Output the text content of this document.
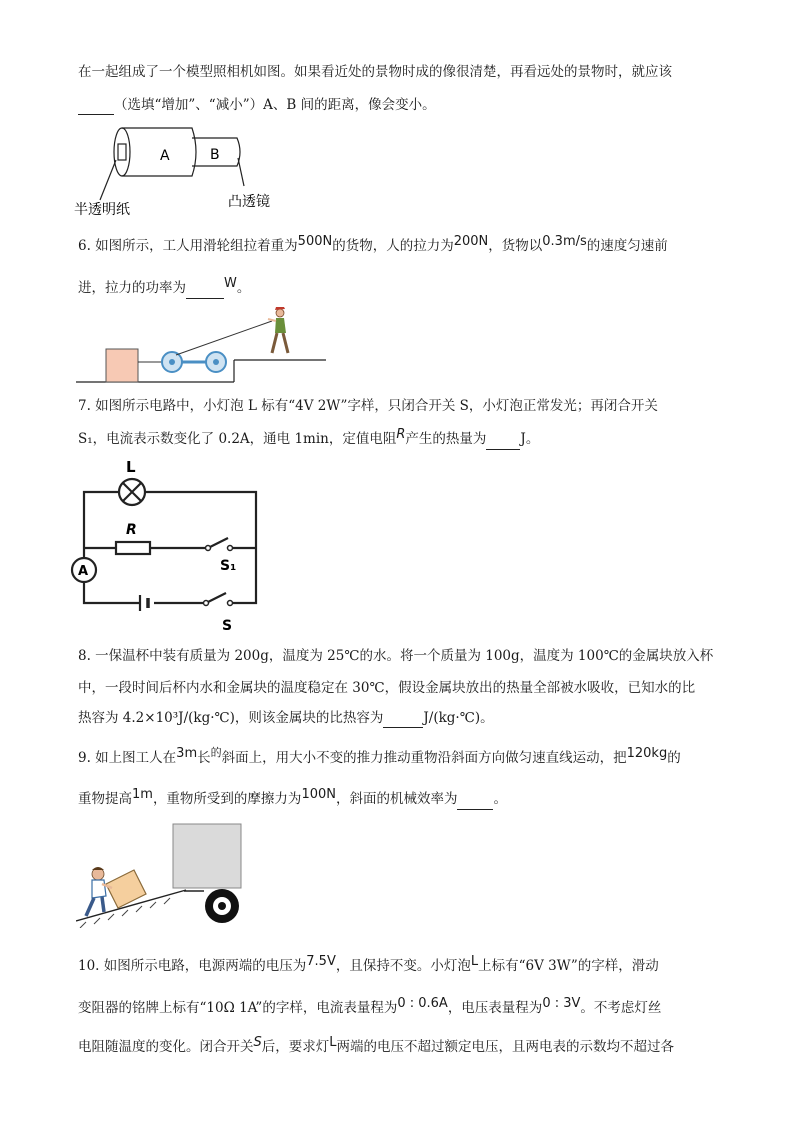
在一起组成了一个模型照相机如图。如果看近处的景物时成的像很清楚，再看远处的景物时，就应该
（选填“增加”、“减小”）A、B 间的距离，像会变小。
A	B
半透明纸	凸透镜
6. 如图所示，工人用滑轮组拉着重为500N的货物，人的拉力为200N，货物以0.3m/s的速度匀速前
进，拉力的功率为	W。
7. 如图所示电路中，小灯泡 L 标有“4V 2W”字样，只闭合开关 S，小灯泡正常发光；再闭合开关
S₁，电流表示数变化了 0.2A，通电 1min，定值电阻R产生的热量为	J。
L
R
S₁
A
S
8. 一保温杯中装有质量为 200g，温度为 25℃的水。将一个质量为 100g，温度为 100℃的金属块放入杯
中，一段时间后杯内水和金属块的温度稳定在 30℃，假设金属块放出的热量全部被水吸收，已知水的比
热容为 4.2×10³J/(kg·℃)，则该金属块的比热容为	J/(kg·℃)。
9. 如上图工人在3m长$^的$斜面上，用大小不变的推力推动重物沿斜面方向做匀速直线运动，把120kg的
重物提高1m，重物所受到的摩擦力为100N，斜面的机械效率为	。
10. 如图所示电路，电源两端的电压为7.5V，且保持不变。小灯泡L上标有“6V 3W”的字样，滑动
变阻器的铭牌上标有“10Ω 1A”的字样，电流表量程为0 : 0.6A，电压表量程为0 : 3V。不考虑灯丝
电阻随温度的变化。闭合开关S后，要求灯L两端的电压不超过额定电压，且两电表的示数均不超过各
